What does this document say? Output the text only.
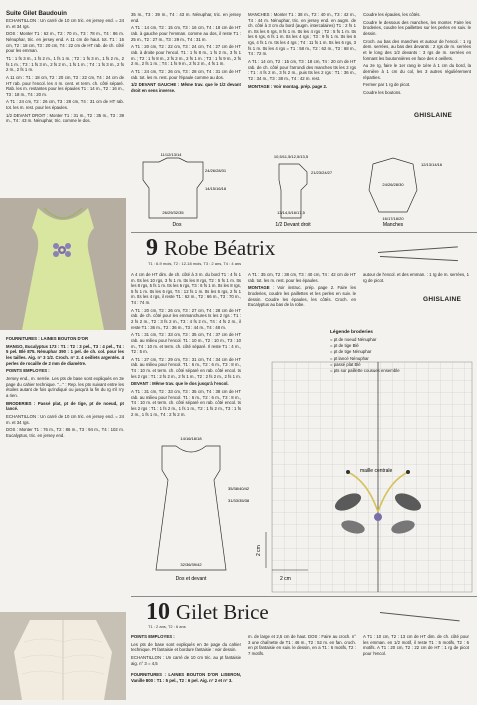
Suite Gilet Baudouin

ECHANTILLON : Un carré de 10 cm tric. en jersey end. = 24 m. et 34 rgs.

DOS : Monter T1 : 62 m., T2 : 70 m., T3 : 78 m., T4 : 86 m. Nénuphar, tric. en jersey end. A 11 cm de haut. tot. T1 : 16 cm, T2 : 18 cm, T3 : 20 cm, T4 : 22 cm de HT rab. de ch. côté pour les emman.

T1 : 1 fs 3 m., 1 fs 2 m., 1 fs 1 m. ; T2 : 1 fs 3 m., 1 fs 2 m., 2 fs 1 m. ; T3 : 1 fs 3 m., 2 fs 2 m., 1 fs 1 m. ; T4 : 1 fs 3 m., 2 fs 2 m., 2 fs 1 m.

A 11 cm : T1 : 18 cm, T2 : 20 cm, T3 : 22 cm, T4 : 24 cm de HT rab. pour l'encol. les 4 m. cent. et term. ch. côté séparé. Rab. les m. restantes pour les épaules T1 : 14 m., T2 : 16 m., T3 : 18 m., T4 : 20 m.

A T1 : 24 cm, T2 : 26 cm, T3 : 28 cm, T4 : 31 cm de HT rab. tot. les m. rest. pour les épaules.

1/2 DEVANT DROIT : Monter T1 : 31 m., T2 : 35 m., T3 : 39 m., T4 : 43 m. Nénuphar, tric. comme le dos.

35 m., T3 : 39 m., T4 : 43 m. Nénuphar, tric. en jersey end.

A T1 : 14 cm, T2 : 15 cm, T3 : 16 cm, T4 : 18 cm de HT rab. à gauche pour l'emman. comme au dos, il reste T1 : 25 m., T2 : 27 m., T3 : 29 m., T4 : 31 m.

A T1 : 20 cm, T2 : 22 cm, T3 : 24 cm, T4 : 27 cm de HT rab. à droite pour l'encol. T1 : 1 fs 8 m., 1 fs 2 m., 3 fs 1 m. ; T2 : 1 fs 8 m., 2 fs 2 m., 2 fs 1 m. ; T3 : 1 fs 9 m., 2 fs 2 m., 2 fs 1 m. ; T4 : 1 fs 9 m., 2 fs 2 m., 4 fs 1 m.

A T1 : 24 cm, T2 : 26 cm, T3 : 28 cm, T4 : 31 cm de HT rab. tot. les m. rest. pour l'épaule comme au dos.

1/2 DEVANT GAUCHE : Même trav. que le 1/2 devant droit en sens inverse.

MANCHES : Monter T1 : 38 m., T2 : 40 m., T3 : 42 m., T4 : 44 m. Nénuphar, tric. en jersey end. en augm. de ch. côté à 3 cm du bord (augm. intercalaires) T1 : 2 fs 1 m. tts les 6 rgs, 8 fs 1 m. tts les 4 rgs ; T2 : 5 fs 1 m. tts les 6 rgs, 6 fs 1 m. tts les 4 rgs ; T3 : 9 fs 1 m. tts les 6 rgs, 4 fs 1 m. tts les 4 rgs ; T4 : 11 fs 1 m. tts les 6 rgs, 3 fs 1 m. tts les 4 rgs = T1 : 58 m., T2 : 62 m., T3 : 68 m., T4 : 72 m.

A T1 : 14 cm, T2 : 15 cm, T3 : 18 cm, T4 : 20 cm de HT rab. de ch. côté pour l'arrondi des manches tts les 2 rgs : T1 : 4 fs 2 m., 3 fs 2 m., puis tts les 2 rgs : T1 : 36 m., T2 : 34 m., T3 : 38 m., T4 : 42 m. rest.

MONTAGE : Voir montag. prép. page 2.

Coudre les épaules, les côtés.

Coudre le dessous des manches, les monter. Faire les broderies, coudre les paillettes sur les perles en suiv. le dessin.

Croch. au bas des manches et autour de l'encol. : 1 rg dem. serrées, au bas des devants : 2 rgs de m. serrées et le long des 1/2 devants : 3 rgs de m. serrées en formant les boutonnières en face des 4 oeillets.

Au 2e rg, faire le 1er rang le 1ère à 1 cm du bord, la dernière à 1 cm du col, les 3 autres régulièrement réparties.

Fermer par 1 rg de picot.

Coudre les boutons.

GHISLAINE
Dos
11/12/13/14
26/29/32/35
14/15/16/18
24/26/28/31
1/2 Devant droit
10,5/11,5/12,5/13,5
21/23/24/27
13/14,5/16/17,5
Manches
12/13/14/16
24/26/28/30
16/17/18/20

FOURNITURES : LAINES BOUTON D'OR

MANGO, Eucalyptus 173 : T1 : T2 : 3 pel., T3 : 4 pel., T4 : 5 pel. Blé 875. Nénuphar 390 : 1 pel. de ch. col. pour les les tailles. Aig. n° 3 1/2. Croch. n° 2. 4 oeillets argentés. 4 perles de rocaille de 2 mm de diamètre.

POINTS EMPLOYES :

Jersey end., m. serrée. Les pts de base sont expliqués en 3e page du cahier technique. "..." : Rep. les pts suivant entre les étoiles autant de fois qu'indiqué ou jusqu'à la fin du rg s'il n'y a rien.

BRODERIES : Passé plat, pt de tige, pt de noeud, pt lancé.

ECHANTILLON : Un carré de 10 cm tric. en jersey end. = 24 m. et 34 rgs.

DOS : Monter T1 : 76 m., T2 : 86 m., T3 : 94 m., T4 : 102 m. Eucalyptus, tric. en jersey end.

9 Robe Béatrix
T1 : 6-9 mois, T2 : 12-18 mois, T3 : 2 ans, T4 : 4 ans

A 4 cm de HT dim. de ch. côté à 3 m. du bord T1 : 4 fs 1 m. tts les 10 rgs, 3 fs 1 m. tts les 8 rgs, T2 : 5 fs 1 m. tts les 8 rgs, 5 fs 1 m. tts les 6 rgs, T3 : 6 fs 1 m. tts les 8 rgs, 5 fs 1 m. tts les 6 rgs, T4 : 12 fs 1 m. tts les 6 rgs, 2 fs 1 m. tts les 4 rgs, il reste T1 : 62 m., T2 : 66 m., T3 : 70 m., T4 : 74 m.

A T1 : 20 cm, T2 : 26 cm, T3 : 27 cm, T4 : 28 cm de HT rab. de ch. côté pour les emmanchures ts les 2 rgs : T1 : 2 fs 2 m., T2 : 3 fs 2 m., T3 : 4 fs 2 m., T4 : 4 fs 2 m., il reste T1 : 36 m., T2 : 36 m., T3 : 44 m., T4 : 48 m.

A T1 : 31 cm, T2 : 33 cm, T3 : 35 cm, T4 : 37 cm de HT rab. au milieu pour l'encol. T1 : 10 m., T2 : 10 m., T3 : 10 m., T4 : 10 m. et term. ch. côté séparé. Il reste T1 : 4 m., T2 : 5 m.

A T1 : 27 cm, T2 : 29 cm, T3 : 31 cm, T4 : 34 cm de HT rab. au milieu pour l'encol. T1 : 6 m., T2 : 6 m., T3 : 8 m., T4 : 10 m. et term. ch. côté séparé en rab. côté encol. ts les 2 rgs : T1 : 2 fs 2 m., 2 fs 1 m., T2 : 2 fs 2 m., 2 fs 1 m.

DEVANT : Même trav. que le dos jusqu'à l'encol.

A T1 : 31 cm, T2 : 33 cm, T3 : 35 cm, T4 : 38 cm de HT rab. au milieu pour l'encol. T1 : 6 m., T2 : 6 m., T3 : 8 m., T4 : 10 m. et term. ch. côté séparé en rab. côté encol. ts les 2 rgs : T1 : 1 fs 2 m., 1 fs 1 m., T2 : 1 fs 2 m., T3 : 1 fs 2 m., 1 fs 1 m., T4 : 2 fs 2 m.

A T1 : 35 cm, T2 : 38 cm, T3 : 40 cm, T4 : 42 cm de HT rab. tot. les m. rest. pour les épaules.

MONTAGE : Voir instruc. prép. page 2. Faire les broderies, coudre les paillettes et les perles en suiv. le dessin. Coudre les épaules, les côtés. Croch. en Eucalyptus au bas de la robe.

autour de l'encol. et des emman. : 1 rg de m. serrées, 1 rg de picot.

GHISLAINE
Légende broderies
= pt de noeud Nénuphar
= pt de tige Blé
= pt de tige Nénuphar
= pt lancé Nénuphar
maille centrale
2 cm
2 cm
14/16/18/18
35/38/40/42
31/33/35/38
32/36/39/42
Dos et devant
10 Gilet Brice
T1 : 2 ans, T2 : 6 ans

POINTS EMPLOYES :

Les pts de base sont expliqués en 3e page du cahier technique. Pt fantaisie et bordure fantaisie : voir dessin.

ECHANTILLON : Un carré de 10 cm tric. au pt fantaisie aig. n° 3 = 4,5

m. de large et 2,5 cm de haut. DOS : Faire au croch. n° 3 une chaînette de T1 : 46 m., T2 : 52 m. en fan. croch. en pt fantaisie en suiv. le dessin, en a T1 : 6 motifs, T2 : 7 motifs.

A T1 : 10 cm, T2 : 13 cm de HT dim. de ch. côté pour les emman. en 1/2 motif, il reste T1 : 5 motifs, T2 : 6 motifs. A T1 : 20 cm, T2 : 22 cm de HT : 1 rg de picot pour l'encol.

FOURNITURES : LAINES BOUTON D'OR LISERON, Vanille 800 : T1 : 5 pel., T2 : 6 pel. Aig. n° 2 et n° 3.
